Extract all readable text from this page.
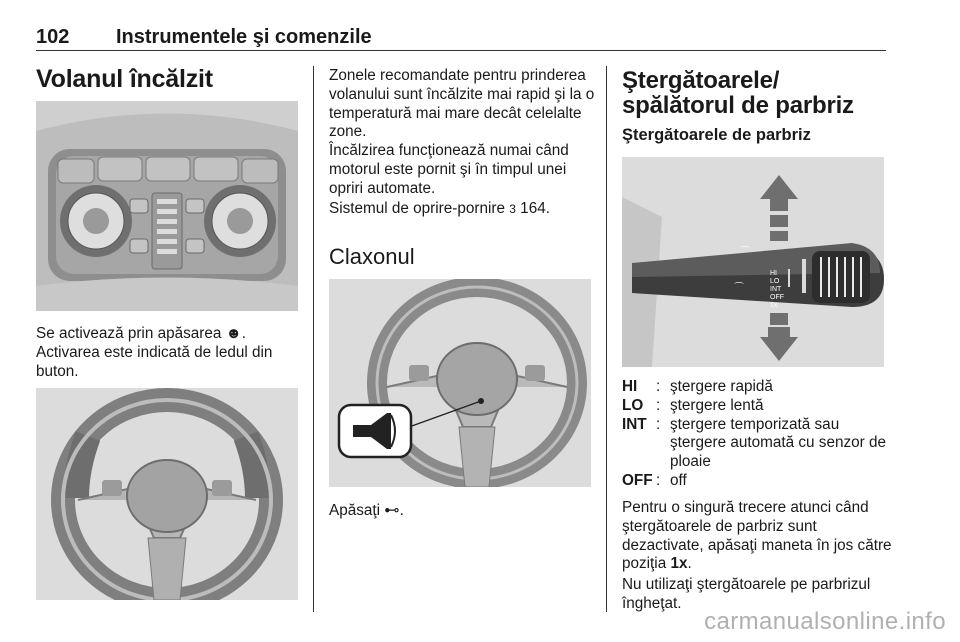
102 Instrumentele şi comenzile
Volanul încălzit
Se activează prin apăsarea ☻.
Activarea este indicată de ledul din buton.
Zonele recomandate pentru prinderea volanului sunt încălzite mai rapid şi la o temperatură mai mare decât celelalte zone.
Încălzirea funcţionează numai când motorul este pornit şi în timpul unei opriri automate.
Sistemul de oprire-pornire 3 164.
Claxonul
Apăsaţi ⊷.
Ştergătoarele/ spălătorul de parbriz
Ştergătoarele de parbriz
HI
LO
INT
OFF
1x
⌒
⌒
HI	: ştergere rapidă
LO : ştergere lentă
INT : ştergere temporizată sau ştergere automată cu senzor de ploaie
OFF : off
Pentru o singură trecere atunci când ştergătoarele de parbriz sunt dezactivate, apăsaţi maneta în jos către poziţia 1x.
Nu utilizaţi ştergătoarele pe parbrizul îngheţat.
carmanualsonline.info
